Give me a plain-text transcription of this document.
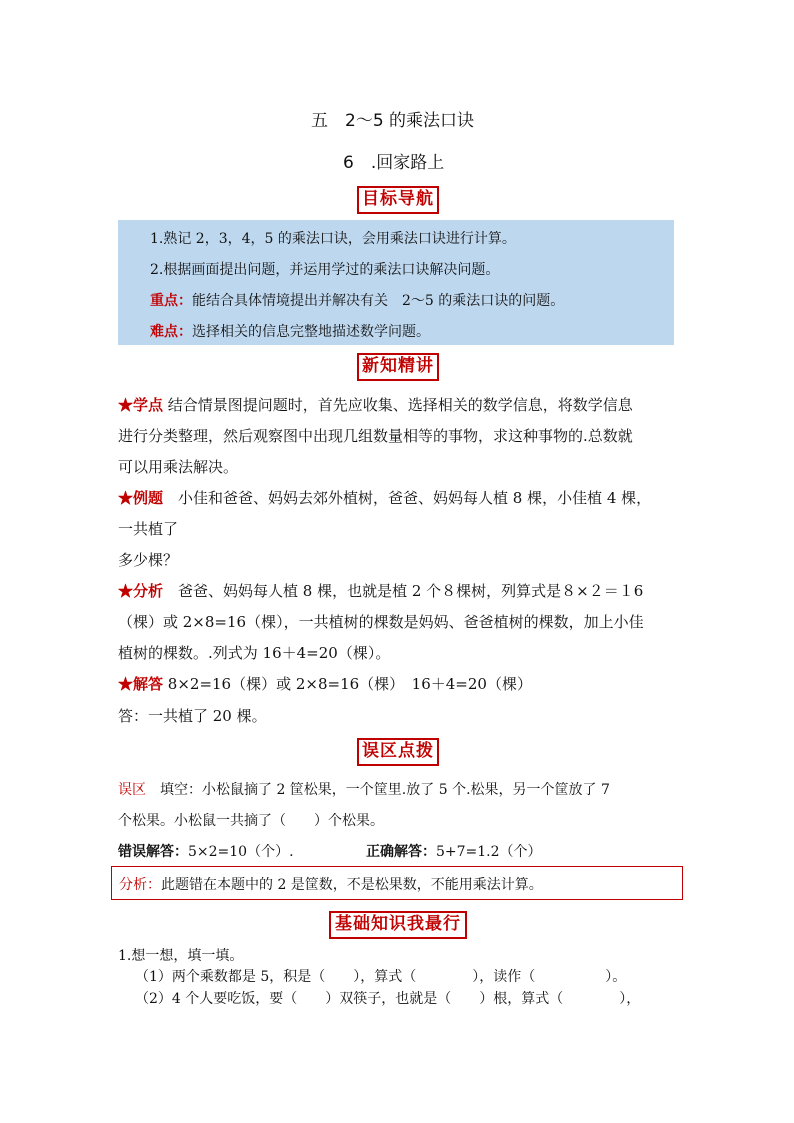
五　2～5 的乘法口诀
6　.回家路上
目标导航
1.熟记 2，3，4，5 的乘法口诀，会用乘法口诀进行计算。
2.根据画面提出问题，并运用学过的乘法口诀解决问题。
重点：能结合具体情境提出并解决有关　2～5 的乘法口诀的问题。
难点：选择相关的信息完整地描述数学问题。
新知精讲
★学点 结合情景图提问题时，首先应收集、选择相关的数学信息，将数学信息
进行分类整理，然后观察图中出现几组数量相等的事物，求这种事物的.总数就
可以用乘法解决。
★例题　小佳和爸爸、妈妈去郊外植树，爸爸、妈妈每人植 8 棵，小佳植 4 棵，
一共植了
多少棵？
★分析　爸爸、妈妈每人植 8 棵，也就是植 2 个８棵树，列算式是８×２＝１6
（棵）或 2×8=16（棵），一共植树的棵数是妈妈、爸爸植树的棵数，加上小佳
植树的棵数。.列式为 16＋4=20（棵）。
★解答 8×2=16（棵）或 2×8=16（棵）　16＋4=20（棵）
答：一共植了 20 棵。
误区点拨
误区　填空：小松鼠摘了 2 筐松果，一个筐里.放了 5 个.松果，另一个筐放了 7
个松果。小松鼠一共摘了（　　）个松果。
错误解答：5×2=10（个）.	正确解答：5+7=1.2（个）
分析：此题错在本题中的 2 是筐数，不是松果数，不能用乘法计算。
基础知识我最行
1.想一想，填一填。
（1）两个乘数都是 5，积是（　　），算式（　　　　），读作（　　　　　）。
（2）4 个人要吃饭，要（　　）双筷子，也就是（　　）根，算式（　　　　），
